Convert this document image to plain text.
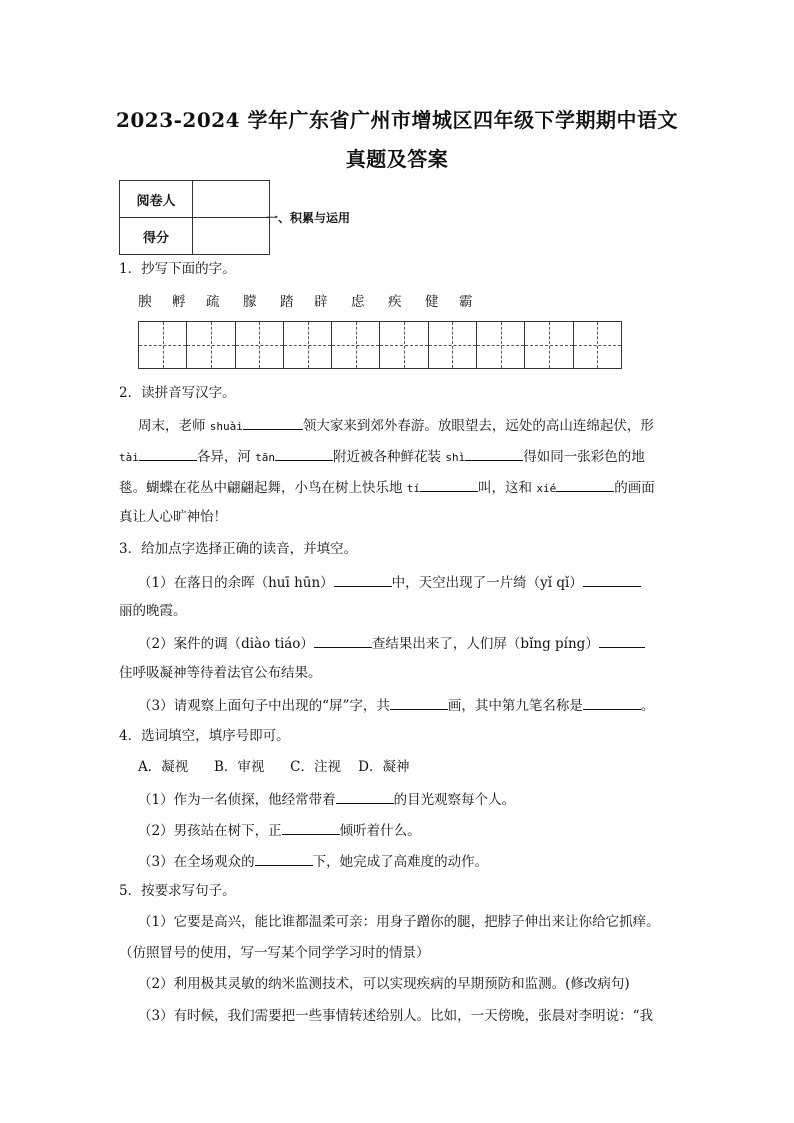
2023-2024 学年广东省广州市增城区四年级下学期期中语文
真题及答案
阅卷人	
得分	
一、积累与运用
1．抄写下面的字。
腴 孵 疏 朦 踏 辟 虑 疾 健 霸
2．读拼音写汉字。
周末，老师 shuài	领大家来到郊外春游。放眼望去，远处的高山连绵起伏，形
tài	各异，河 tān	附近被各种鲜花装 shì	得如同一张彩色的地
毯。蝴蝶在花丛中翩翩起舞，小鸟在树上快乐地 tí	叫，这和 xié	的画面
真让人心旷神怡！
3．给加点字选择正确的读音，并填空。
（1）在落日的余晖（huī hūn）	中，天空出现了一片绮（yǐ qǐ）
丽的晚霞。
（2）案件的调（diào tiáo）	查结果出来了，人们屏（bǐng píng）
住呼吸凝神等待着法官公布结果。
（3）请观察上面句子中出现的“屏”字，共	画，其中第九笔名称是	。
4．选词填空，填序号即可。
A．凝视      B．审视      C．注视    D．凝神
（1）作为一名侦探，他经常带着	的目光观察每个人。
（2）男孩站在树下，正	倾听着什么。
（3）在全场观众的	下，她完成了高难度的动作。
5．按要求写句子。
（1）它要是高兴，能比谁都温柔可亲：用身子蹭你的腿，把脖子伸出来让你给它抓痒。
（仿照冒号的使用，写一写某个同学学习时的情景）
（2）利用极其灵敏的纳米监测技术，可以实现疾病的早期预防和监测。(修改病句)
（3）有时候，我们需要把一些事情转述给别人。比如，一天傍晚，张晨对李明说：“我
